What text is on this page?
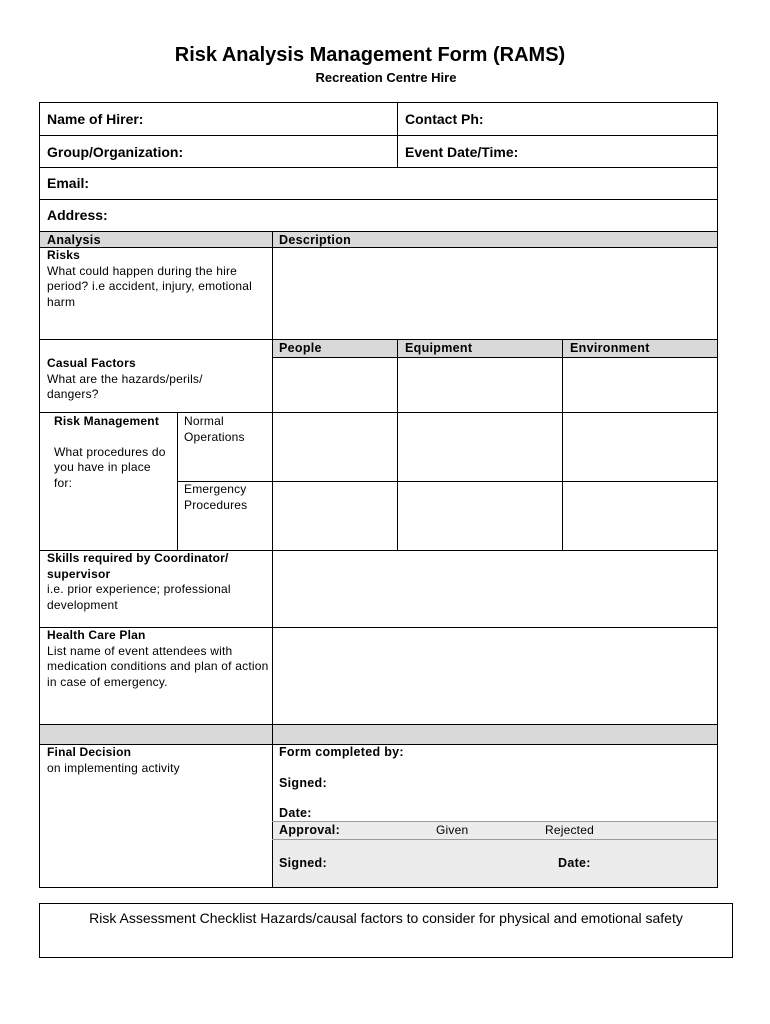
Risk Analysis Management Form (RAMS)
Recreation Centre Hire
Name of Hirer:	Contact Ph:
Group/Organization:	Event Date/Time:
Email:
Address:
Analysis	Description
Risks
What could happen during the hire period? i.e accident, injury, emotional harm
People	Equipment	Environment
Casual Factors
What are the hazards/perils/ dangers?
Risk Management
What procedures do you have in place for:
Normal Operations
Emergency Procedures
Skills required by Coordinator/ supervisor
i.e. prior experience; professional development
Health Care Plan
List name of event attendees with medication conditions and plan of action in case of emergency.
Final Decision
on implementing activity
Form completed by:
Signed:
Date:
Approval:	Given	Rejected
Signed:	Date:
Risk Assessment Checklist Hazards/causal factors to consider for physical and emotional safety
